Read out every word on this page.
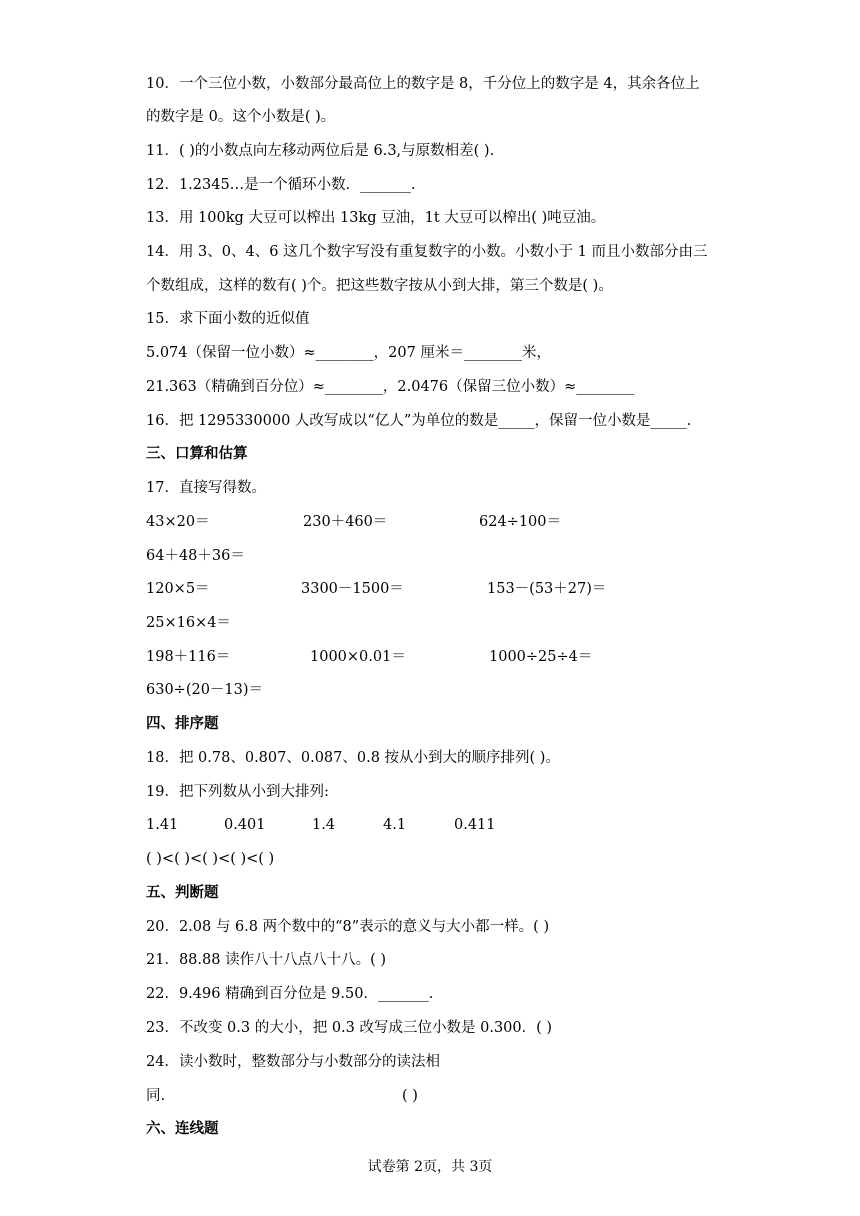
10．一个三位小数，小数部分最高位上的数字是 8，千分位上的数字是 4，其余各位上
的数字是 0。这个小数是( )。
11．( )的小数点向左移动两位后是 6.3,与原数相差( ).
12．1.2345…是一个循环小数．_______.
13．用 100kg 大豆可以榨出 13kg 豆油，1t 大豆可以榨出( )吨豆油。
14．用 3、0、4、6 这几个数字写没有重复数字的小数。小数小于 1 而且小数部分由三
个数组成，这样的数有( )个。把这些数字按从小到大排，第三个数是( )。
15．求下面小数的近似值
5.074（保留一位小数）≈________，207 厘米＝________米，
21.363（精确到百分位）≈________，2.0476（保留三位小数）≈________
16．把 1295330000 人改写成以“亿人”为单位的数是_____，保留一位小数是_____.
三、口算和估算
17．直接写得数。
43×20＝	230＋460＝	624÷100＝
64＋48＋36＝
120×5＝	3300－1500＝	153－(53＋27)＝
25×16×4＝
198＋116＝	1000×0.01＝	1000÷25÷4＝
630÷(20－13)＝
四、排序题
18．把 0.78、0.807、0.087、0.8 按从小到大的顺序排列( )。
19．把下列数从小到大排列:
1.41	0.401	1.4	4.1	0.411
( )<( )<( )<( )<( )
五、判断题
20．2.08 与 6.8 两个数中的“8”表示的意义与大小都一样。( )
21．88.88 读作八十八点八十八。( )
22．9.496 精确到百分位是 9.50．_______.
23．不改变 0.3 的大小，把 0.3 改写成三位小数是 0.300．( )
24．读小数时，整数部分与小数部分的读法相
同.	( )
六、连线题
试卷第 2页，共 3页
